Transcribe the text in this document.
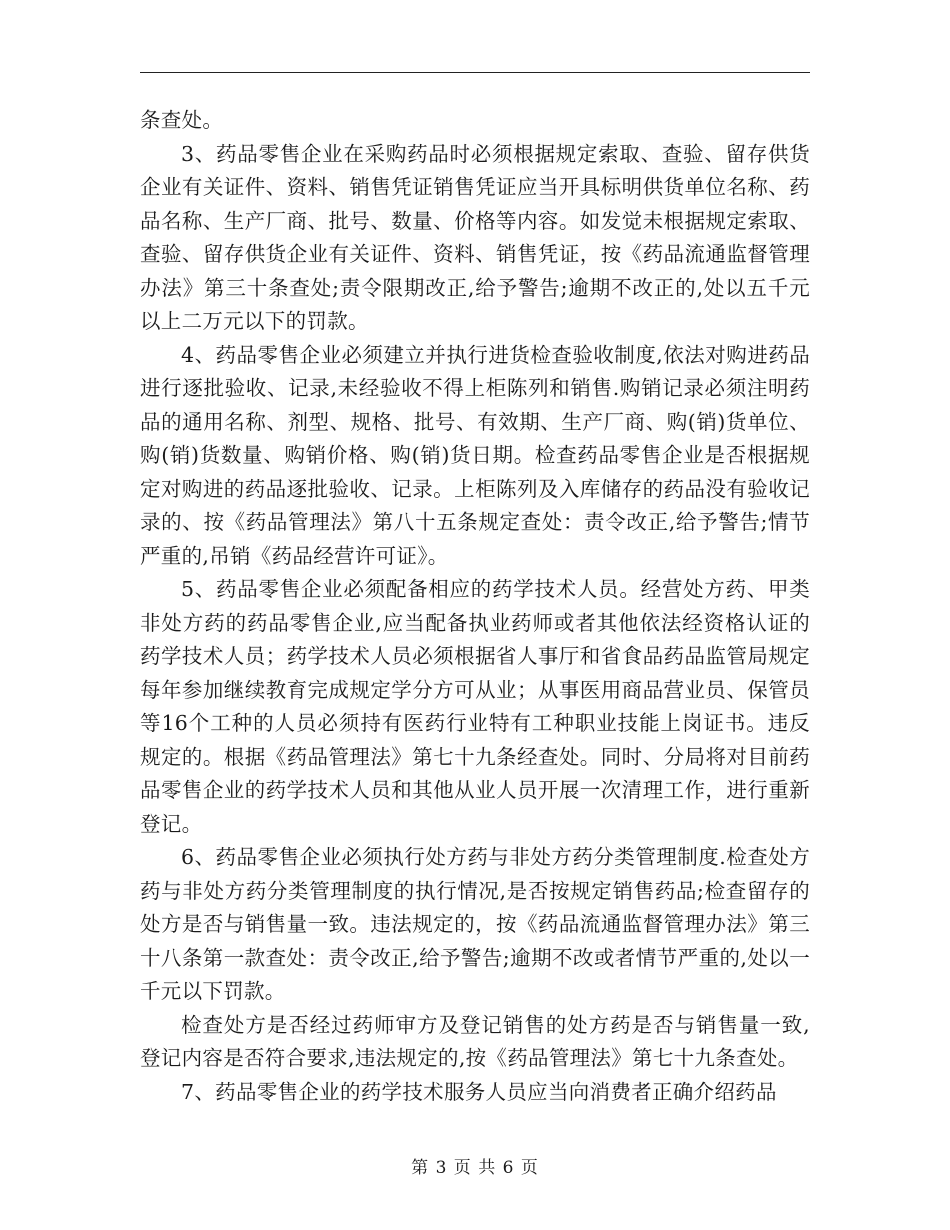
条查处。

3、药品零售企业在采购药品时必须根据规定索取、查验、留存供货企业有关证件、资料、销售凭证销售凭证应当开具标明供货单位名称、药品名称、生产厂商、批号、数量、价格等内容。如发觉未根据规定索取、查验、留存供货企业有关证件、资料、销售凭证，按《药品流通监督管理办法》第三十条查处;责令限期改正,给予警告;逾期不改正的,处以五千元以上二万元以下的罚款。

4、药品零售企业必须建立并执行进货检查验收制度,依法对购进药品进行逐批验收、记录,未经验收不得上柜陈列和销售.购销记录必须注明药品的通用名称、剂型、规格、批号、有效期、生产厂商、购(销)货单位、购(销)货数量、购销价格、购(销)货日期。检查药品零售企业是否根据规定对购进的药品逐批验收、记录。上柜陈列及入库储存的药品没有验收记录的、按《药品管理法》第八十五条规定查处：责令改正,给予警告;情节严重的,吊销《药品经营许可证》。

5、药品零售企业必须配备相应的药学技术人员。经营处方药、甲类非处方药的药品零售企业,应当配备执业药师或者其他依法经资格认证的药学技术人员；药学技术人员必须根据省人事厅和省食品药品监管局规定每年参加继续教育完成规定学分方可从业；从事医用商品营业员、保管员等16个工种的人员必须持有医药行业特有工种职业技能上岗证书。违反规定的。根据《药品管理法》第七十九条经查处。同时、分局将对目前药品零售企业的药学技术人员和其他从业人员开展一次清理工作，进行重新登记。

6、药品零售企业必须执行处方药与非处方药分类管理制度.检查处方药与非处方药分类管理制度的执行情况,是否按规定销售药品;检查留存的处方是否与销售量一致。违法规定的，按《药品流通监督管理办法》第三十八条第一款查处：责令改正,给予警告;逾期不改或者情节严重的,处以一千元以下罚款。

检查处方是否经过药师审方及登记销售的处方药是否与销售量一致,登记内容是否符合要求,违法规定的,按《药品管理法》第七十九条查处。

7、药品零售企业的药学技术服务人员应当向消费者正确介绍药品

第 3 页 共 6 页
